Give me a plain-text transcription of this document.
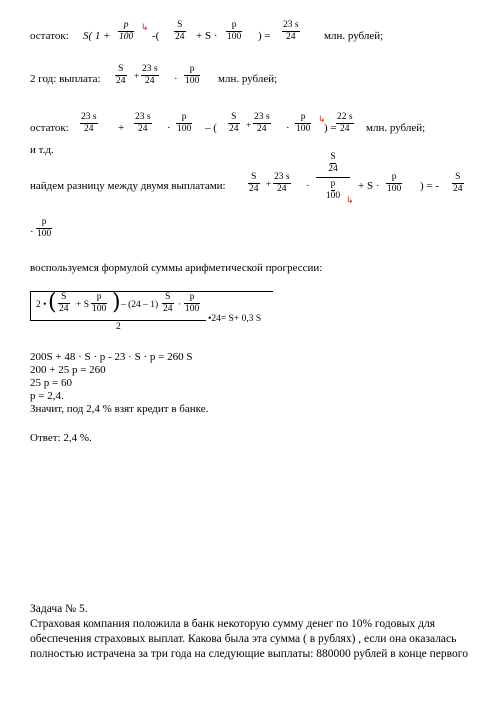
остаток: S( $1 + \frac{p}{100}$ ↳
-( $\frac{S}{24} + S \cdot \frac{p}{100}$ ) = $\frac{23 s}{24}$ млн. рублей;
2 год: выплата: $\frac{S}{24} + \frac{23 s}{24} \cdot \frac{p}{100}$ млн. рублей;
остаток: $\frac{23 s}{24} + \frac{23 s}{24} \cdot \frac{p}{100}$ – ( $\frac{S}{24} + \frac{23 s}{24} \cdot \frac{p}{100}$ ↳
) = $\frac{22 s}{24}$ млн. рублей;
и т.д.
найдем разницу между двумя выплатами: $\frac{S}{24} + \frac{23 s}{24}$ ·
S
24
p
100 ↳
+ $S \cdot \frac{p}{100}$ ) = - $\frac{S}{24}$
· $\frac{p}{100}$
воспользуемся формулой суммы арифметической прогрессии:
2 • ( $\frac{S}{24} + S$ ·
$\frac{p}{100}$ ) – $(24 - 1) \frac{S}{24} \cdot \frac{p}{100}$
2
•24= S+ 0,3 S
200S + 48 · S · p - 23 · S · p = 260 S
200 + 25 p = 260
25 p = 60
p = 2,4.
Значит, под 2,4 % взят кредит в банке.
Ответ: 2,4 %.
Задача № 5.
Страховая компания положила в банк некоторую сумму денег по 10% годовых для
обеспечения страховых выплат. Какова была эта сумма ( в рублях) , если она оказалась
полностью истрачена за три года на следующие выплаты: 880000 рублей в конце первого
